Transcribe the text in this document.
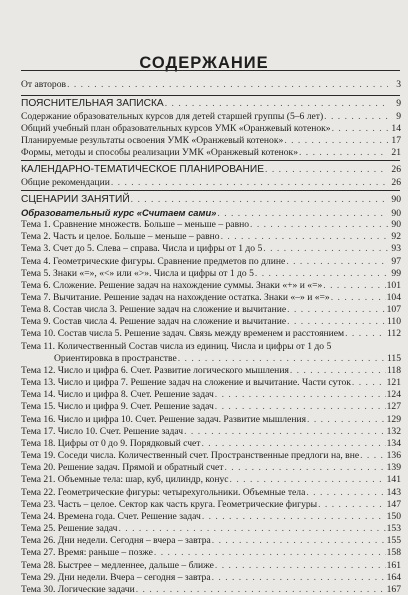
СОДЕРЖАНИЕ
От авторов . . .	3
ПОЯСНИТЕЛЬНАЯ ЗАПИСКА . . .	9
Содержание образовательных курсов для детей старшей группы (5–6 лет) . . .	9
Общий учебный план образовательных курсов УМК «Оранжевый котенок» . . .	14
Планируемые результаты освоения УМК «Оранжевый котенок» . . .	17
Формы, методы и способы реализации УМК «Оранжевый котенок» . . .	21
КАЛЕНДАРНО-ТЕМАТИЧЕСКОЕ ПЛАНИРОВАНИЕ . . .	26
Общие рекомендации . . .	26
СЦЕНАРИИ ЗАНЯТИЙ . . .	90
Образовательный курс «Считаем сами» . . .	90
Тема 1. Сравнение множеств. Больше – меньше – равно . . .	90
Тема 2. Часть и целое. Больше – меньше – равно . . .	92
Тема 3. Счет до 5. Слева – справа. Числа и цифры от 1 до 5 . . .	93
Тема 4. Геометрические фигуры. Сравнение предметов по длине . . .	97
Тема 5. Знаки «=», «<» или «>». Числа и цифры от 1 до 5 . . .	99
Тема 6. Сложение. Решение задач на нахождение суммы. Знаки «+» и «=» . . .	101
Тема 7. Вычитание. Решение задач на нахождение остатка. Знаки «–» и «=» . . .	104
Тема 8. Состав числа 3. Решение задач на сложение и вычитание . . .	107
Тема 9. Состав числа 4. Решение задач на сложение и вычитание . . .	110
Тема 10. Состав числа 5. Решение задач. Связь между временем и расстоянием . . .	112
Тема 11. Количественный Состав числа из единиц. Числа и цифры от 1 до 5
Ориентировка в пространстве . . .	115
Тема 12. Число и цифра 6. Счет. Развитие логического мышления . . .	118
Тема 13. Число и цифра 7. Решение задач на сложение и вычитание. Части суток . . .	121
Тема 14. Число и цифра 8. Счет. Решение задач . . .	124
Тема 15. Число и цифра 9. Счет. Решение задач . . .	127
Тема 16. Число и цифра 10. Счет. Решение задач. Развитие мышления . . .	129
Тема 17. Число 10. Счет. Решение задач . . .	132
Тема 18. Цифры от 0 до 9. Порядковый счет . . .	134
Тема 19. Соседи числа. Количественный счет. Пространственные предлоги на, вне . . .	136
Тема 20. Решение задач. Прямой и обратный счет . . .	139
Тема 21. Объемные тела: шар, куб, цилиндр, конус . . .	141
Тема 22. Геометрические фигуры: четырехугольники. Объемные тела . . .	143
Тема 23. Часть – целое. Сектор как часть круга. Геометрические фигуры . . .	147
Тема 24. Времена года. Счет. Решение задач . . .	150
Тема 25. Решение задач . . .	153
Тема 26. Дни недели. Сегодня – вчера – завтра . . .	155
Тема 27. Время: раньше – позже . . .	158
Тема 28. Быстрее – медленнее, дальше – ближе . . .	161
Тема 29. Дни недели. Вчера – сегодня – завтра . . .	164
Тема 30. Логические задачи . . .	167
